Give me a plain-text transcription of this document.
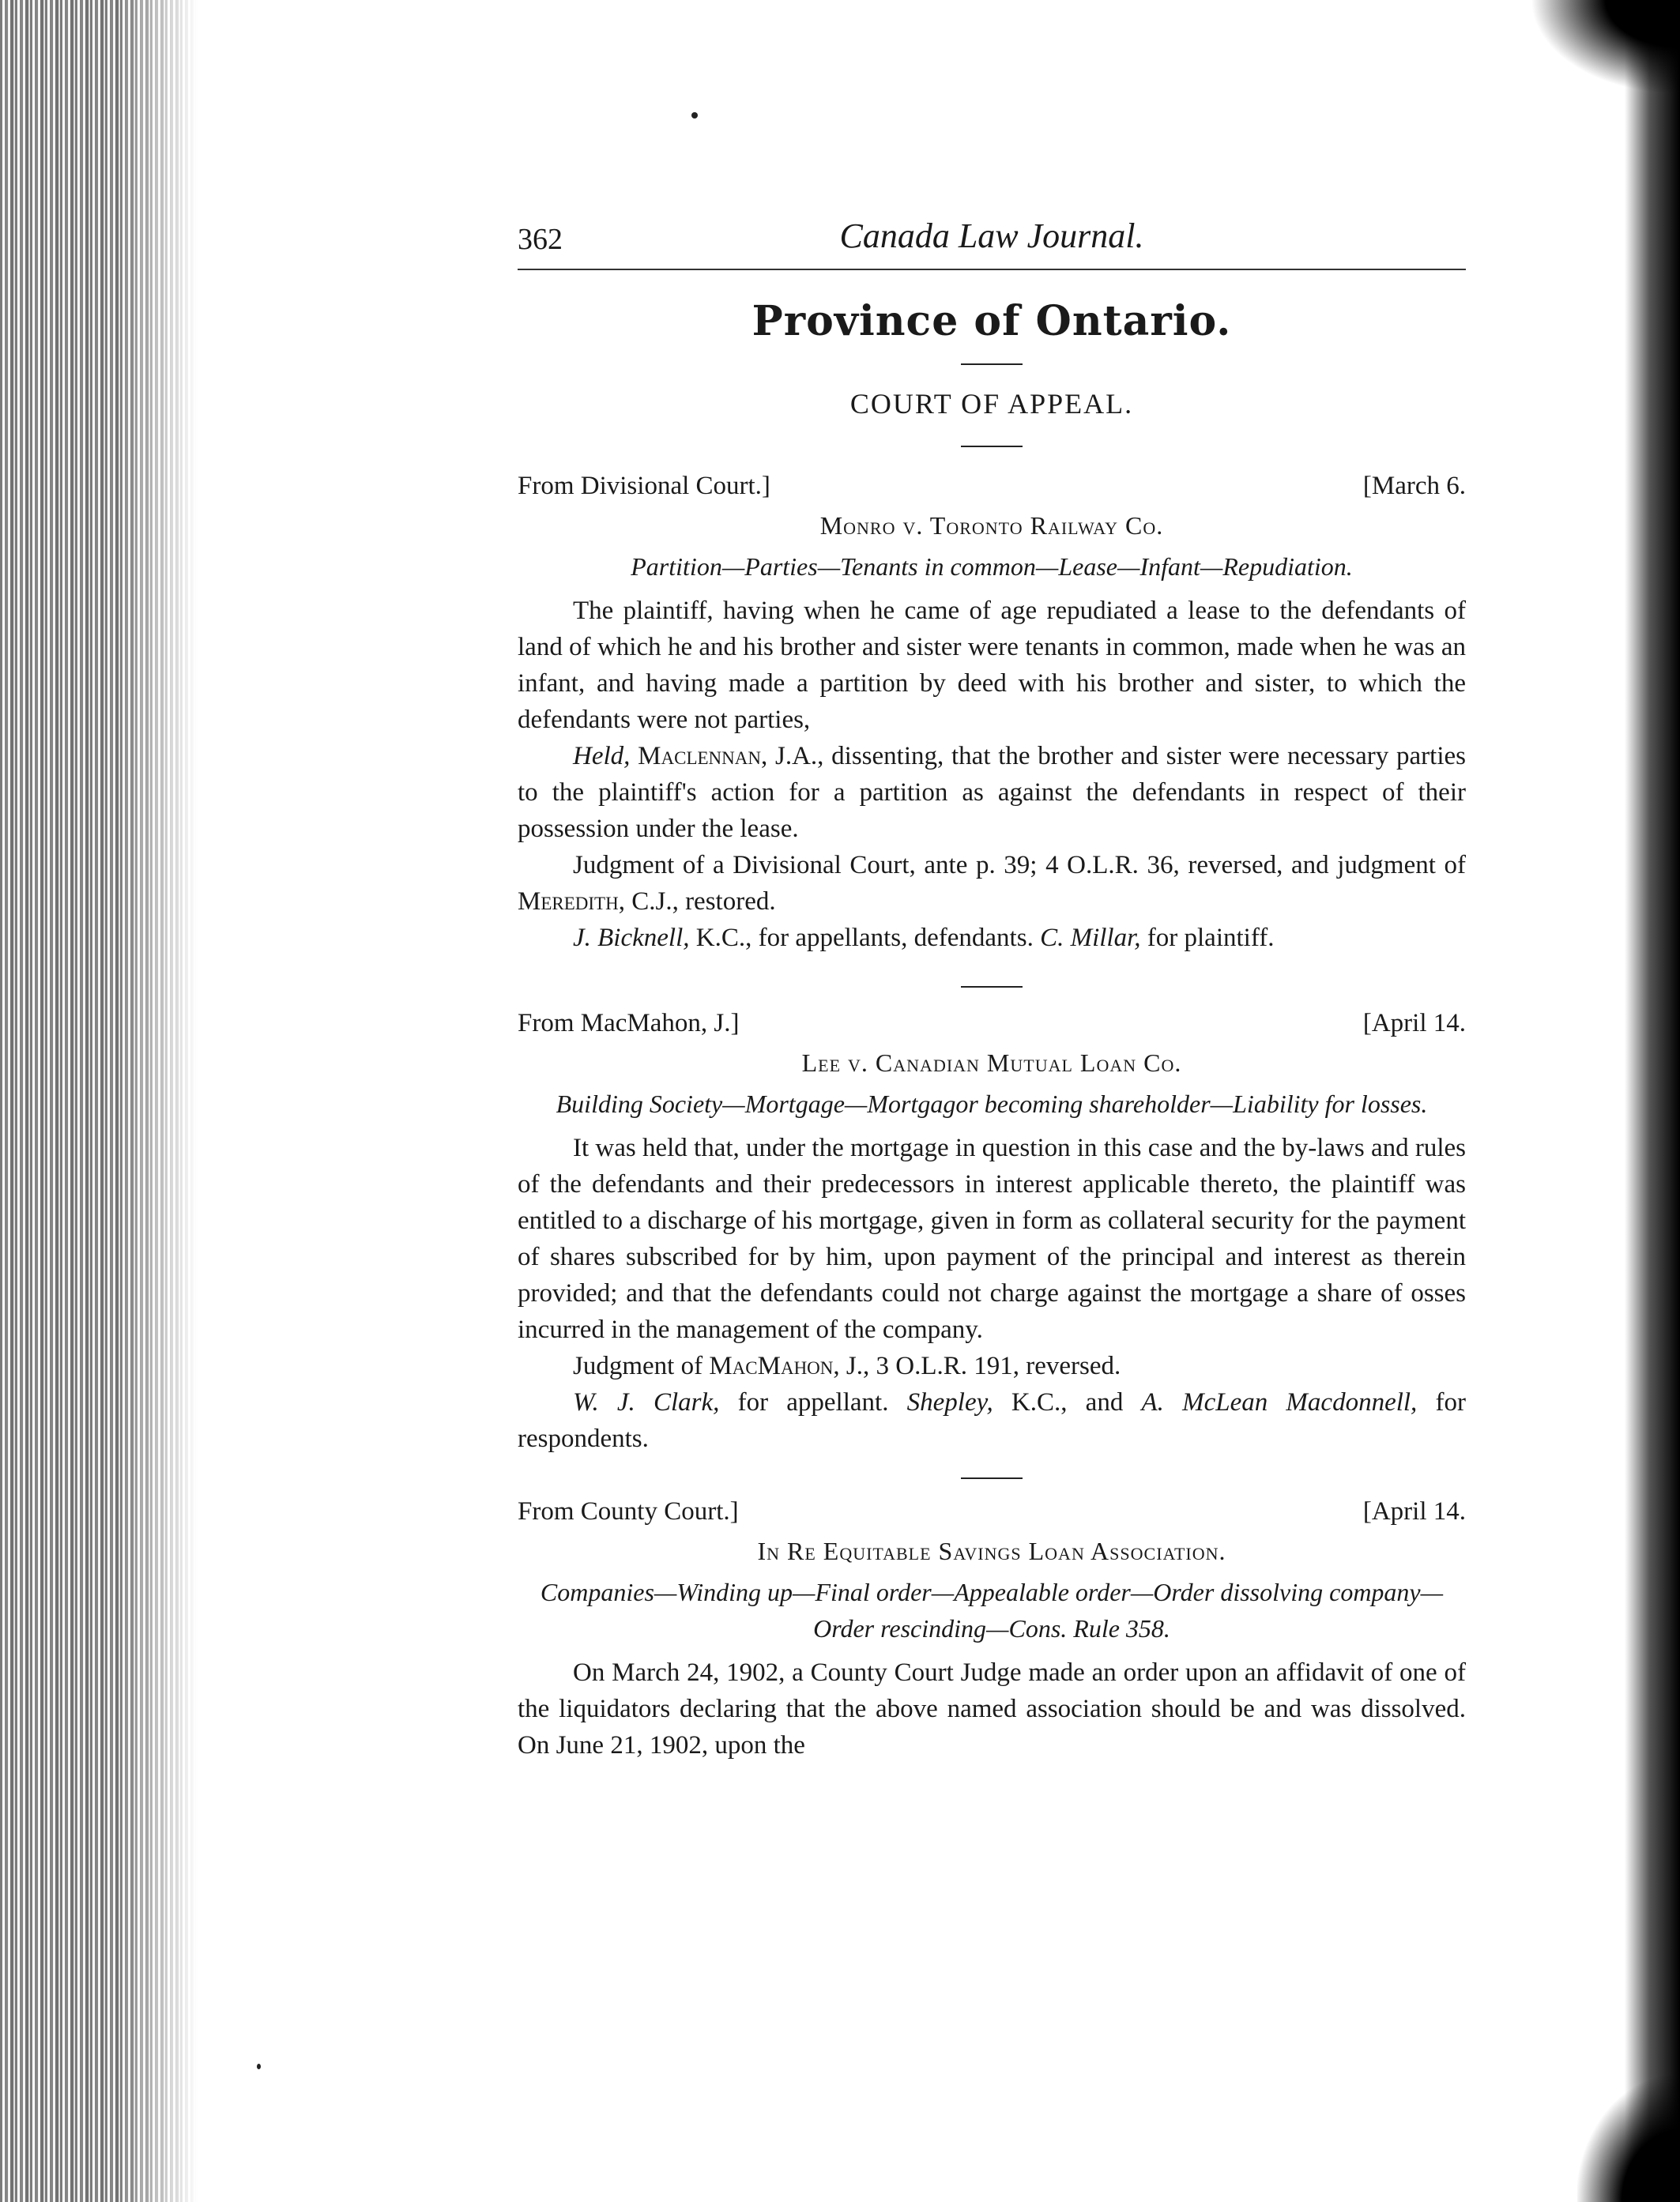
362	Canada Law Journal.
Province of Ontario.
COURT OF APPEAL.
From Divisional Court.]	[March 6.
Monro v. Toronto Railway Co.
Partition—Parties—Tenants in common—Lease—Infant—Repudiation.

The plaintiff, having when he came of age repudiated a lease to the defendants of land of which he and his brother and sister were tenants in common, made when he was an infant, and having made a partition by deed with his brother and sister, to which the defendants were not parties,

Held, Maclennan, J.A., dissenting, that the brother and sister were necessary parties to the plaintiff's action for a partition as against the defendants in respect of their possession under the lease.

Judgment of a Divisional Court, ante p. 39; 4 O.L.R. 36, reversed, and judgment of Meredith, C.J., restored.

J. Bicknell, K.C., for appellants, defendants. C. Millar, for plaintiff.

From MacMahon, J.]	[April 14.
Lee v. Canadian Mutual Loan Co.
Building Society—Mortgage—Mortgagor becoming shareholder—Liability for losses.

It was held that, under the mortgage in question in this case and the by-laws and rules of the defendants and their predecessors in interest applicable thereto, the plaintiff was entitled to a discharge of his mortgage, given in form as collateral security for the payment of shares subscribed for by him, upon payment of the principal and interest as therein provided; and that the defendants could not charge against the mortgage a share of osses incurred in the management of the company.

Judgment of MacMahon, J., 3 O.L.R. 191, reversed.

W. J. Clark, for appellant. Shepley, K.C., and A. McLean Macdonnell, for respondents.

From County Court.]	[April 14.
In Re Equitable Savings Loan Association.
Companies—Winding up—Final order—Appealable order—Order dissolving company—Order rescinding—Cons. Rule 358.

On March 24, 1902, a County Court Judge made an order upon an affidavit of one of the liquidators declaring that the above named association should be and was dissolved. On June 21, 1902, upon the
